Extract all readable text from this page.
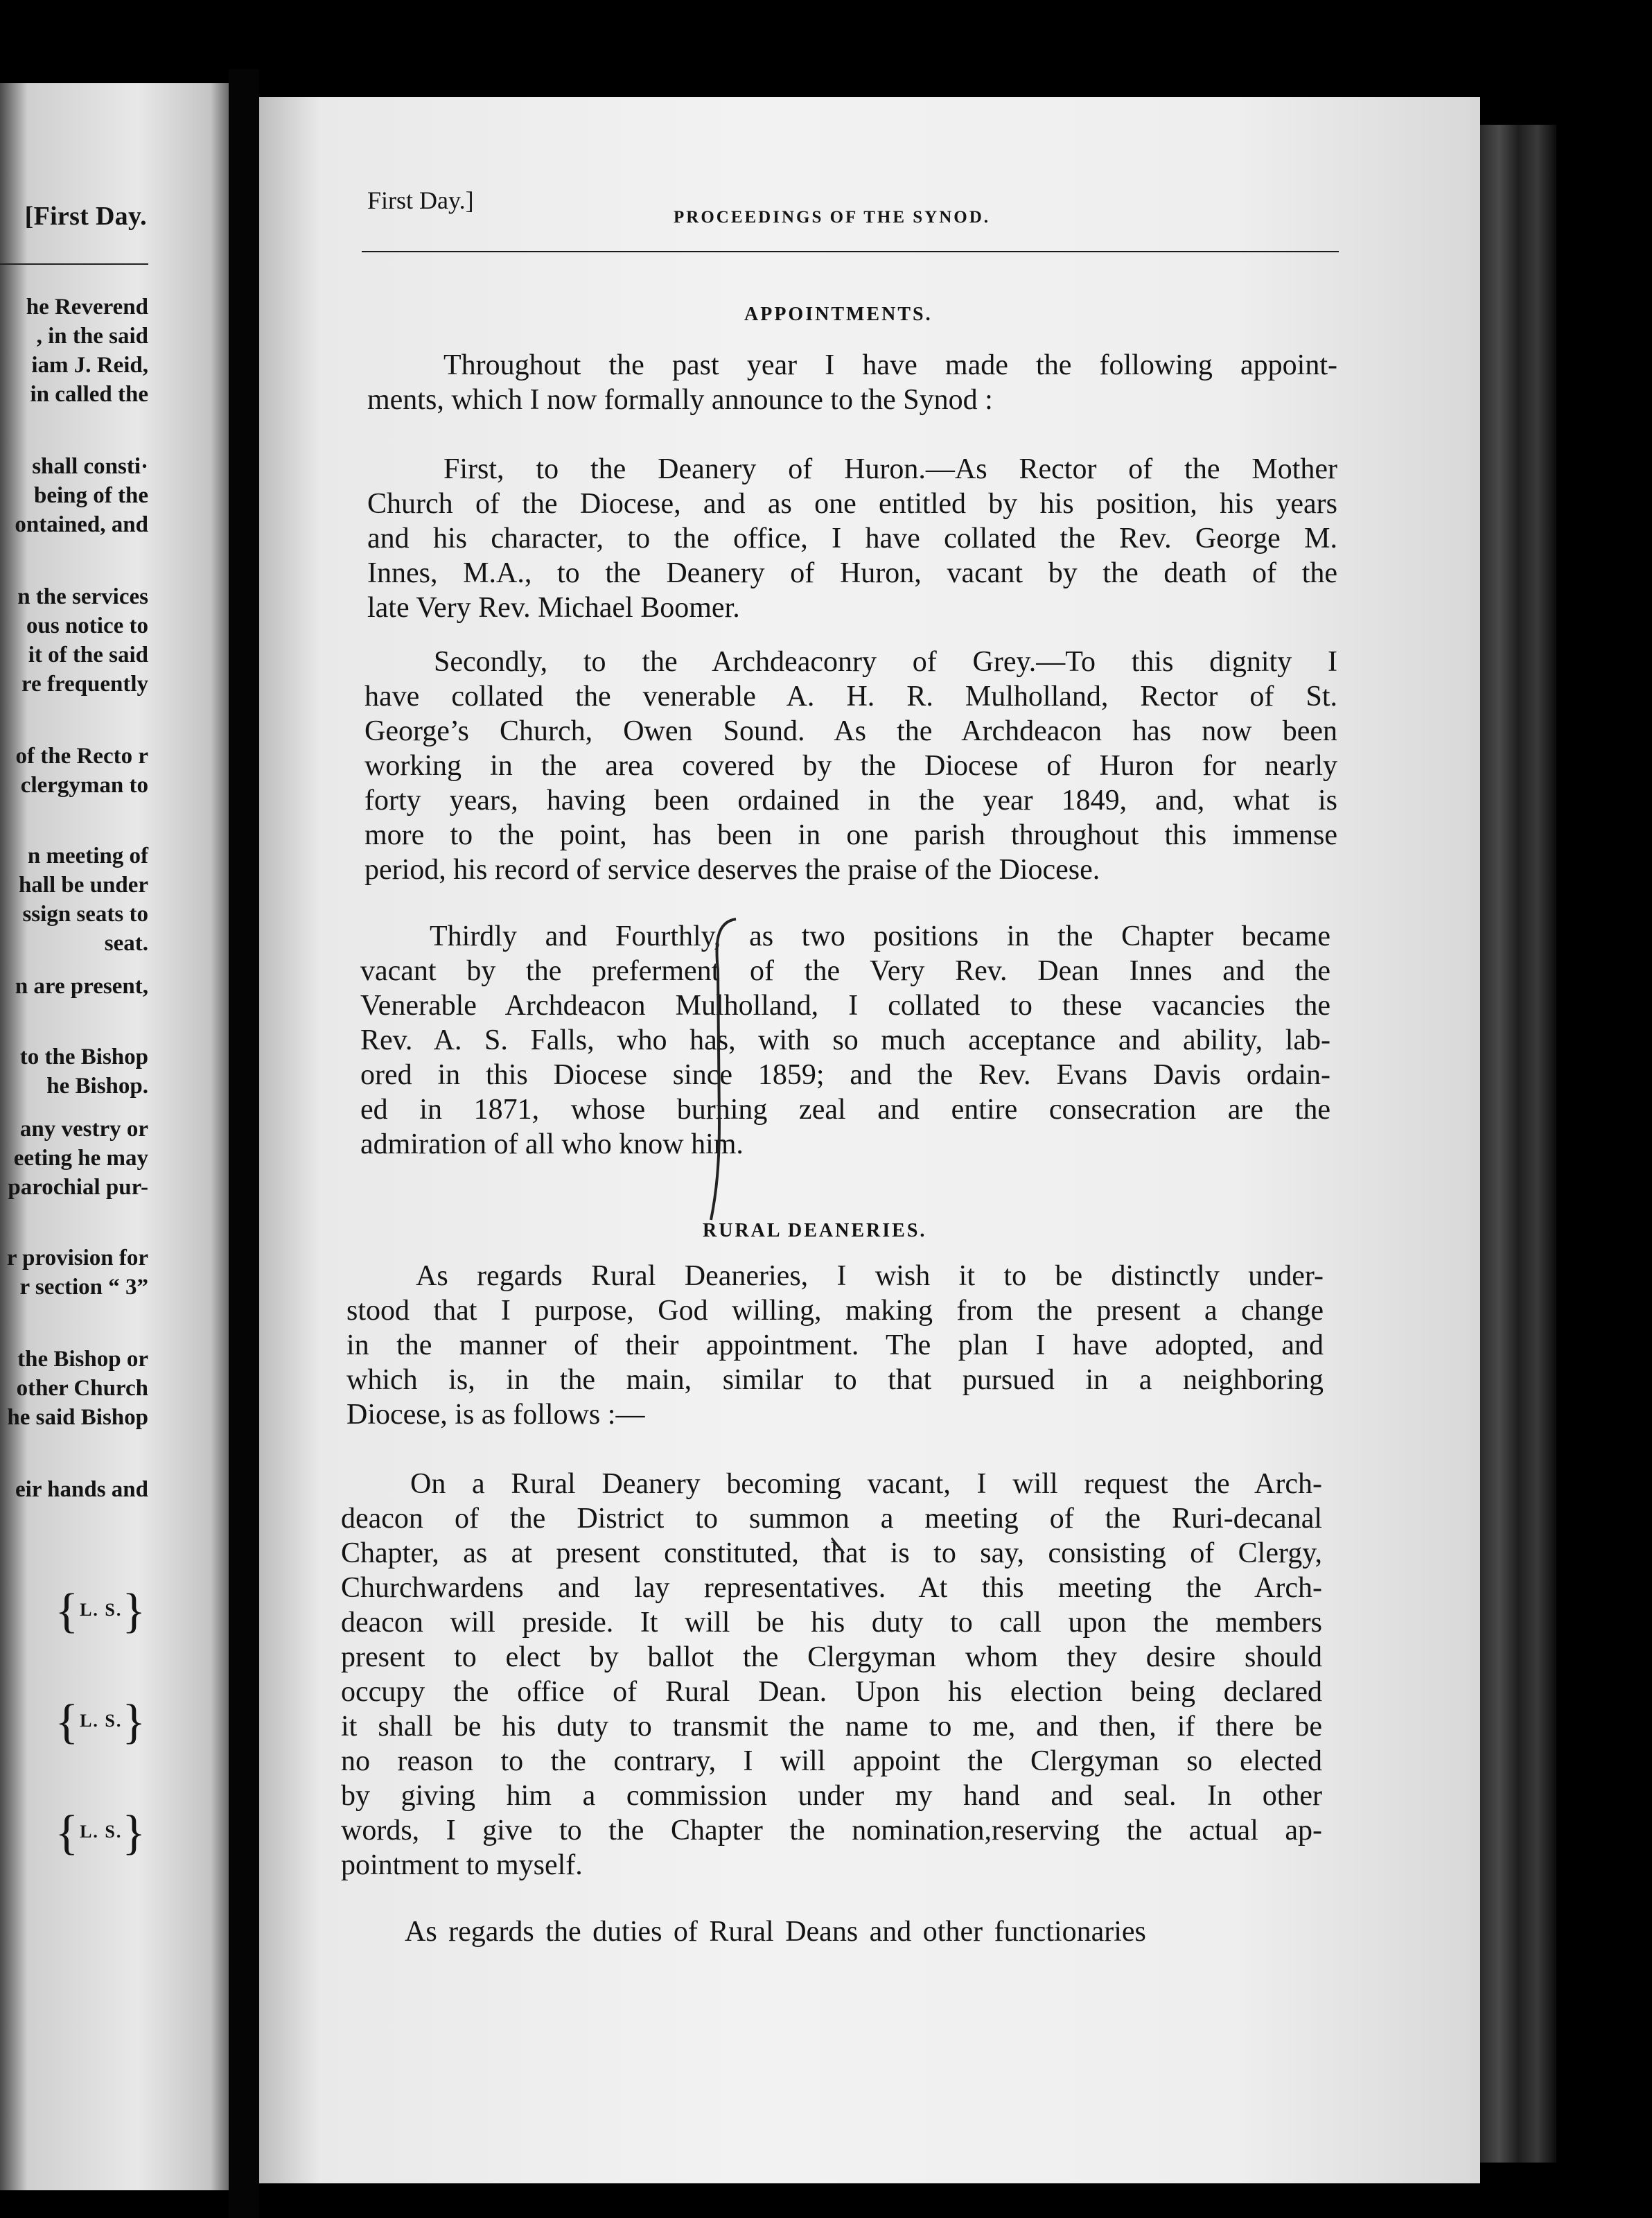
[First Day.
he Reverend
, in the said
iam J. Reid,
in called the
shall consti·
being of the
ontained, and
n the services
ous notice to
it of the said
re frequently
of the Recto r
clergyman to
n meeting of
hall be under
ssign seats to
seat.
n are present,
to the Bishop
he Bishop.
any vestry or
eeting he may
parochial pur-
r provision for
r section “ 3”
the Bishop or
other Church
he said Bishop
eir hands and
{L. S.}
{L. S.}
{L. S.}
First Day.]
PROCEEDINGS OF THE SYNOD.
APPOINTMENTS.
Throughout the past year I have made the following appoint-
ments, which I now formally announce to the Synod :
First, to the Deanery of Huron.—As Rector of the Mother
Church of the Diocese, and as one entitled by his position, his years
and his character, to the office, I have collated the Rev. George M.
Innes, M.A., to the Deanery of Huron, vacant by the death of the
late Very Rev. Michael Boomer.
Secondly, to the Archdeaconry of Grey.—To this dignity I
have collated the venerable A. H. R. Mulholland, Rector of St.
George’s Church, Owen Sound. As the Archdeacon has now been
working in the area covered by the Diocese of Huron for nearly
forty years, having been ordained in the year 1849, and, what is
more to the point, has been in one parish throughout this immense
period, his record of service deserves the praise of the Diocese.
Thirdly and Fourthly, as two positions in the Chapter became
vacant by the preferment of the Very Rev. Dean Innes and the
Venerable Archdeacon Mulholland, I collated to these vacancies the
Rev. A. S. Falls, who has, with so much acceptance and ability, lab-
ored in this Diocese since 1859; and the Rev. Evans Davis ordain-
ed in 1871, whose burning zeal and entire consecration are the
admiration of all who know him.
RURAL DEANERIES.
As regards Rural Deaneries, I wish it to be distinctly under-
stood that I purpose, God willing, making from the present a change
in the manner of their appointment. The plan I have adopted, and
which is, in the main, similar to that pursued in a neighboring
Diocese, is as follows :—
On a Rural Deanery becoming vacant, I will request the Arch-
deacon of the District to summon a meeting of the Ruri-decanal
Chapter, as at present constituted, that is to say, consisting of Clergy,
Churchwardens and lay representatives. At this meeting the Arch-
deacon will preside. It will be his duty to call upon the members
present to elect by ballot the Clergyman whom they desire should
occupy the office of Rural Dean. Upon his election being declared
it shall be his duty to transmit the name to me, and then, if there be
no reason to the contrary, I will appoint the Clergyman so elected
by giving him a commission under my hand and seal. In other
words, I give to the Chapter the nomination,reserving the actual ap-
pointment to myself.
As regards the duties of Rural Deans and other functionaries
